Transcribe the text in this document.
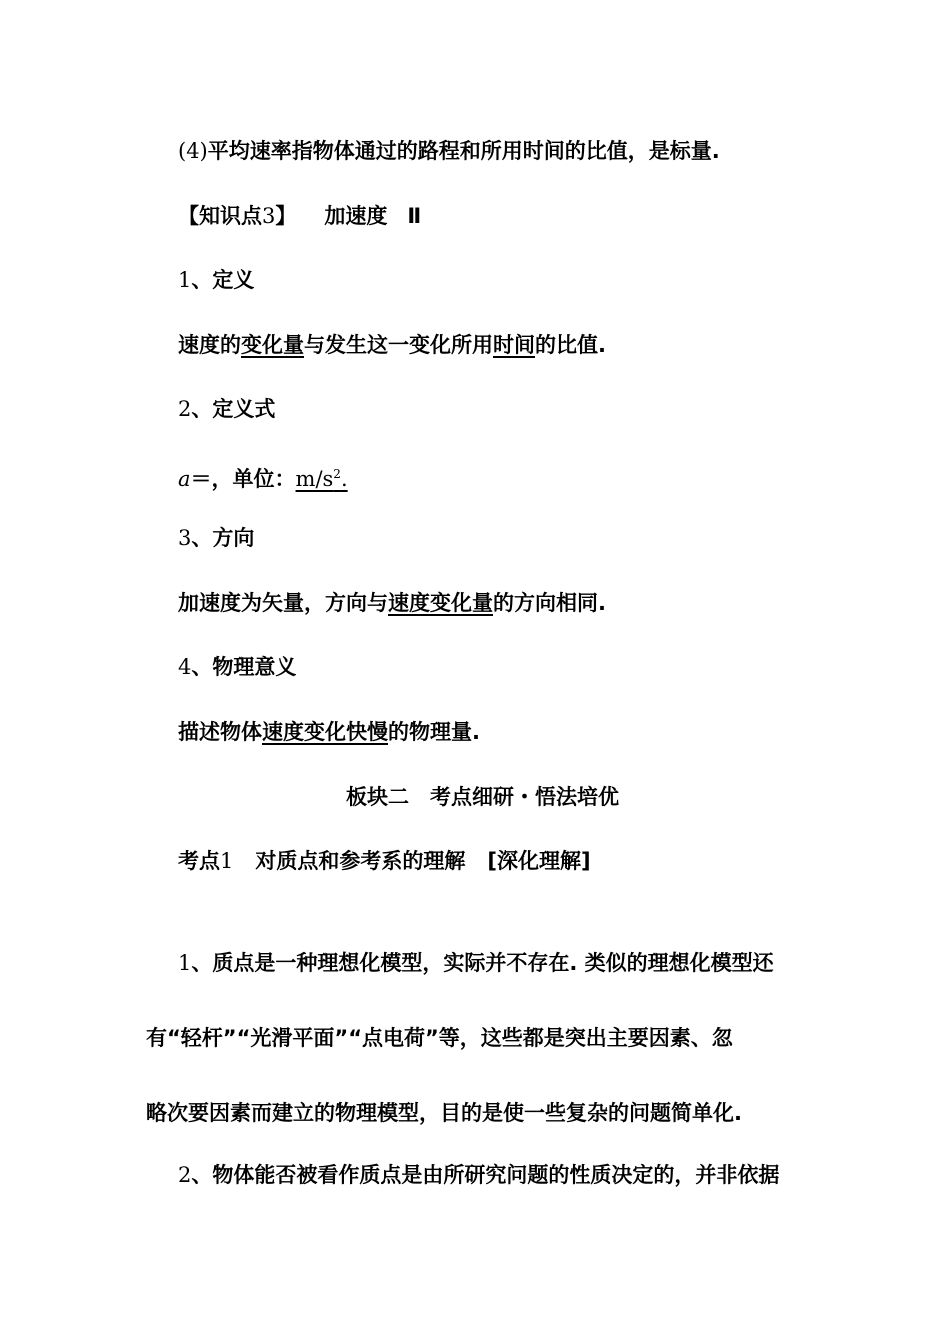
(4)平均速率指物体通过的路程和所用时间的比值，是标量.
【知识点3】 加速度 Ⅱ
1、定义
速度的变化量与发生这一变化所用时间的比值.
2、定义式
a＝，单位：$m/s^2$.
3、方向
加速度为矢量，方向与速度变化量的方向相同.
4、物理意义
描述物体速度变化快慢的物理量.
板块二　考点细研・悟法培优
考点1 对质点和参考系的理解 [深化理解]
1、质点是一种理想化模型，实际并不存在. 类似的理想化模型还
有“轻杆”“光滑平面”“点电荷”等，这些都是突出主要因素、忽
略次要因素而建立的物理模型，目的是使一些复杂的问题简单化.
2、物体能否被看作质点是由所研究问题的性质决定的，并非依据
